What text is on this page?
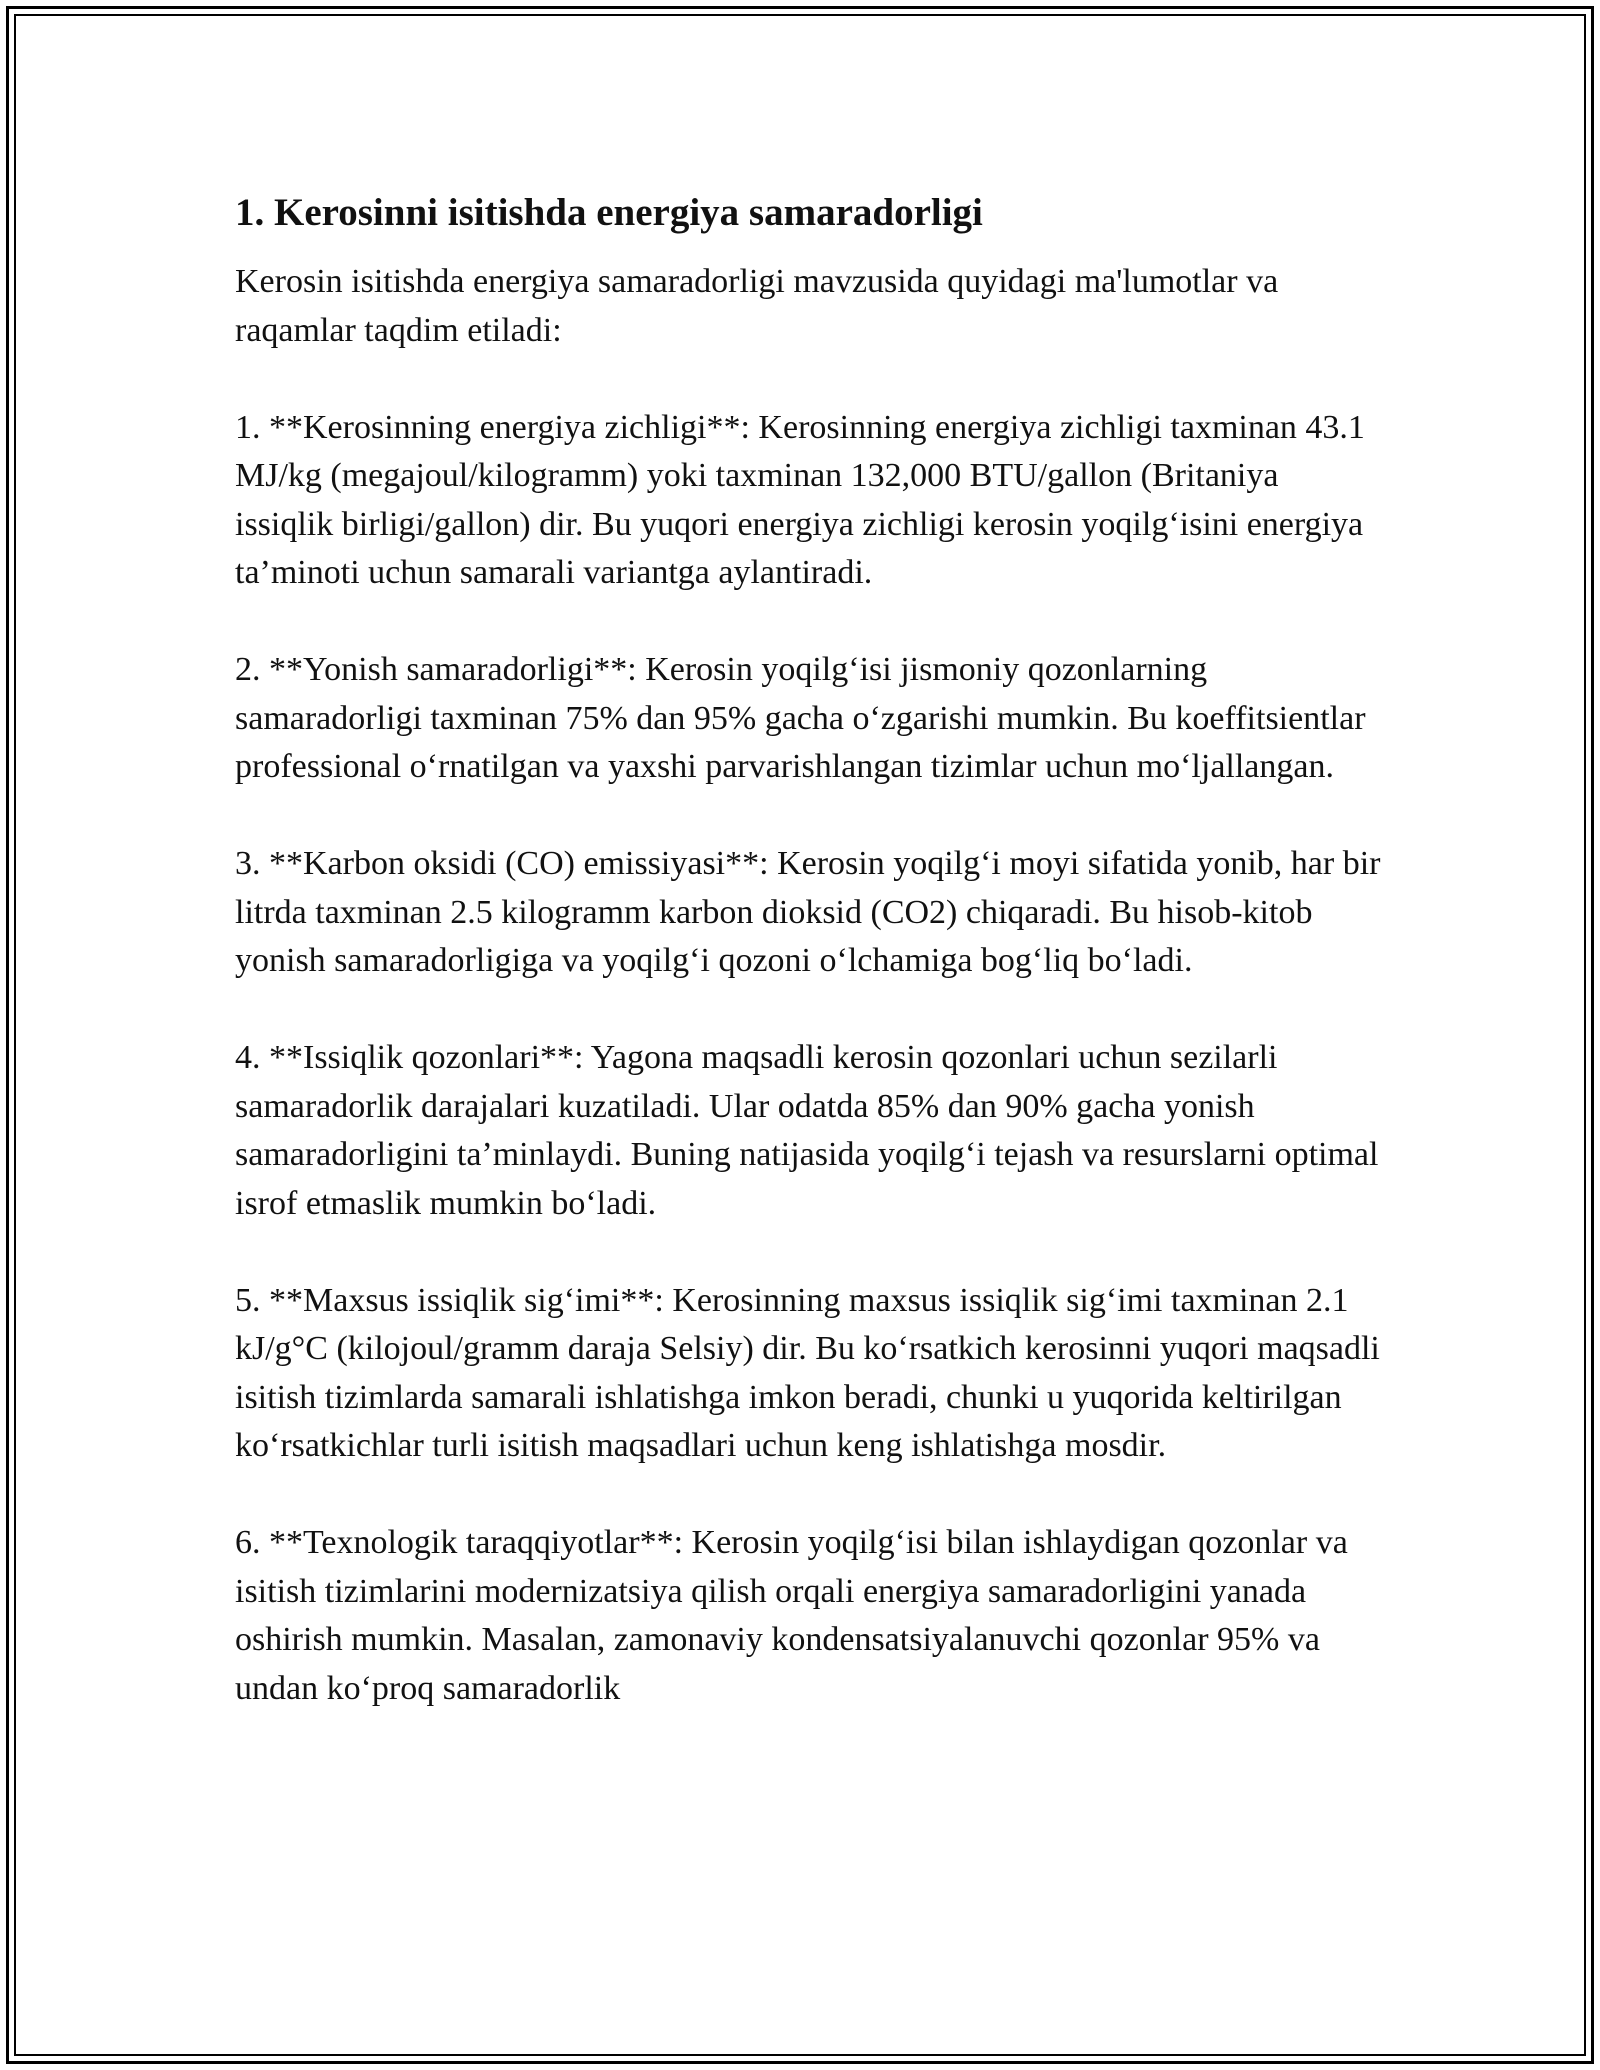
1. Kerosinni isitishda energiya samaradorligi

Kerosin isitishda energiya samaradorligi mavzusida quyidagi ma'lumotlar va raqamlar taqdim etiladi:

1. **Kerosinning energiya zichligi**: Kerosinning energiya zichligi taxminan 43.1 MJ/kg (megajoul/kilogramm) yoki taxminan 132,000 BTU/gallon (Britaniya issiqlik birligi/gallon) dir. Bu yuqori energiya zichligi kerosin yoqilg‘isini energiya ta’minoti uchun samarali variantga aylantiradi.

2. **Yonish samaradorligi**: Kerosin yoqilg‘isi jismoniy qozonlarning samaradorligi taxminan 75% dan 95% gacha o‘zgarishi mumkin. Bu koeffitsientlar professional o‘rnatilgan va yaxshi parvarishlangan tizimlar uchun mo‘ljallangan.

3. **Karbon oksidi (CO) emissiyasi**: Kerosin yoqilg‘i moyi sifatida yonib, har bir litrda taxminan 2.5 kilogramm karbon dioksid (CO2) chiqaradi. Bu hisob-kitob yonish samaradorligiga va yoqilg‘i qozoni o‘lchamiga bog‘liq bo‘ladi.

4. **Issiqlik qozonlari**: Yagona maqsadli kerosin qozonlari uchun sezilarli samaradorlik darajalari kuzatiladi. Ular odatda 85% dan 90% gacha yonish samaradorligini ta’minlaydi. Buning natijasida yoqilg‘i tejash va resurslarni optimal isrof etmaslik mumkin bo‘ladi.

5. **Maxsus issiqlik sig‘imi**: Kerosinning maxsus issiqlik sig‘imi taxminan 2.1 kJ/g°C (kilojoul/gramm daraja Selsiy) dir. Bu ko‘rsatkich kerosinni yuqori maqsadli isitish tizimlarda samarali ishlatishga imkon beradi, chunki u yuqorida keltirilgan ko‘rsatkichlar turli isitish maqsadlari uchun keng ishlatishga mosdir.

6. **Texnologik taraqqiyotlar**: Kerosin yoqilg‘isi bilan ishlaydigan qozonlar va isitish tizimlarini modernizatsiya qilish orqali energiya samaradorligini yanada oshirish mumkin. Masalan, zamonaviy kondensatsiyalanuvchi qozonlar 95% va undan ko‘proq samaradorlik
